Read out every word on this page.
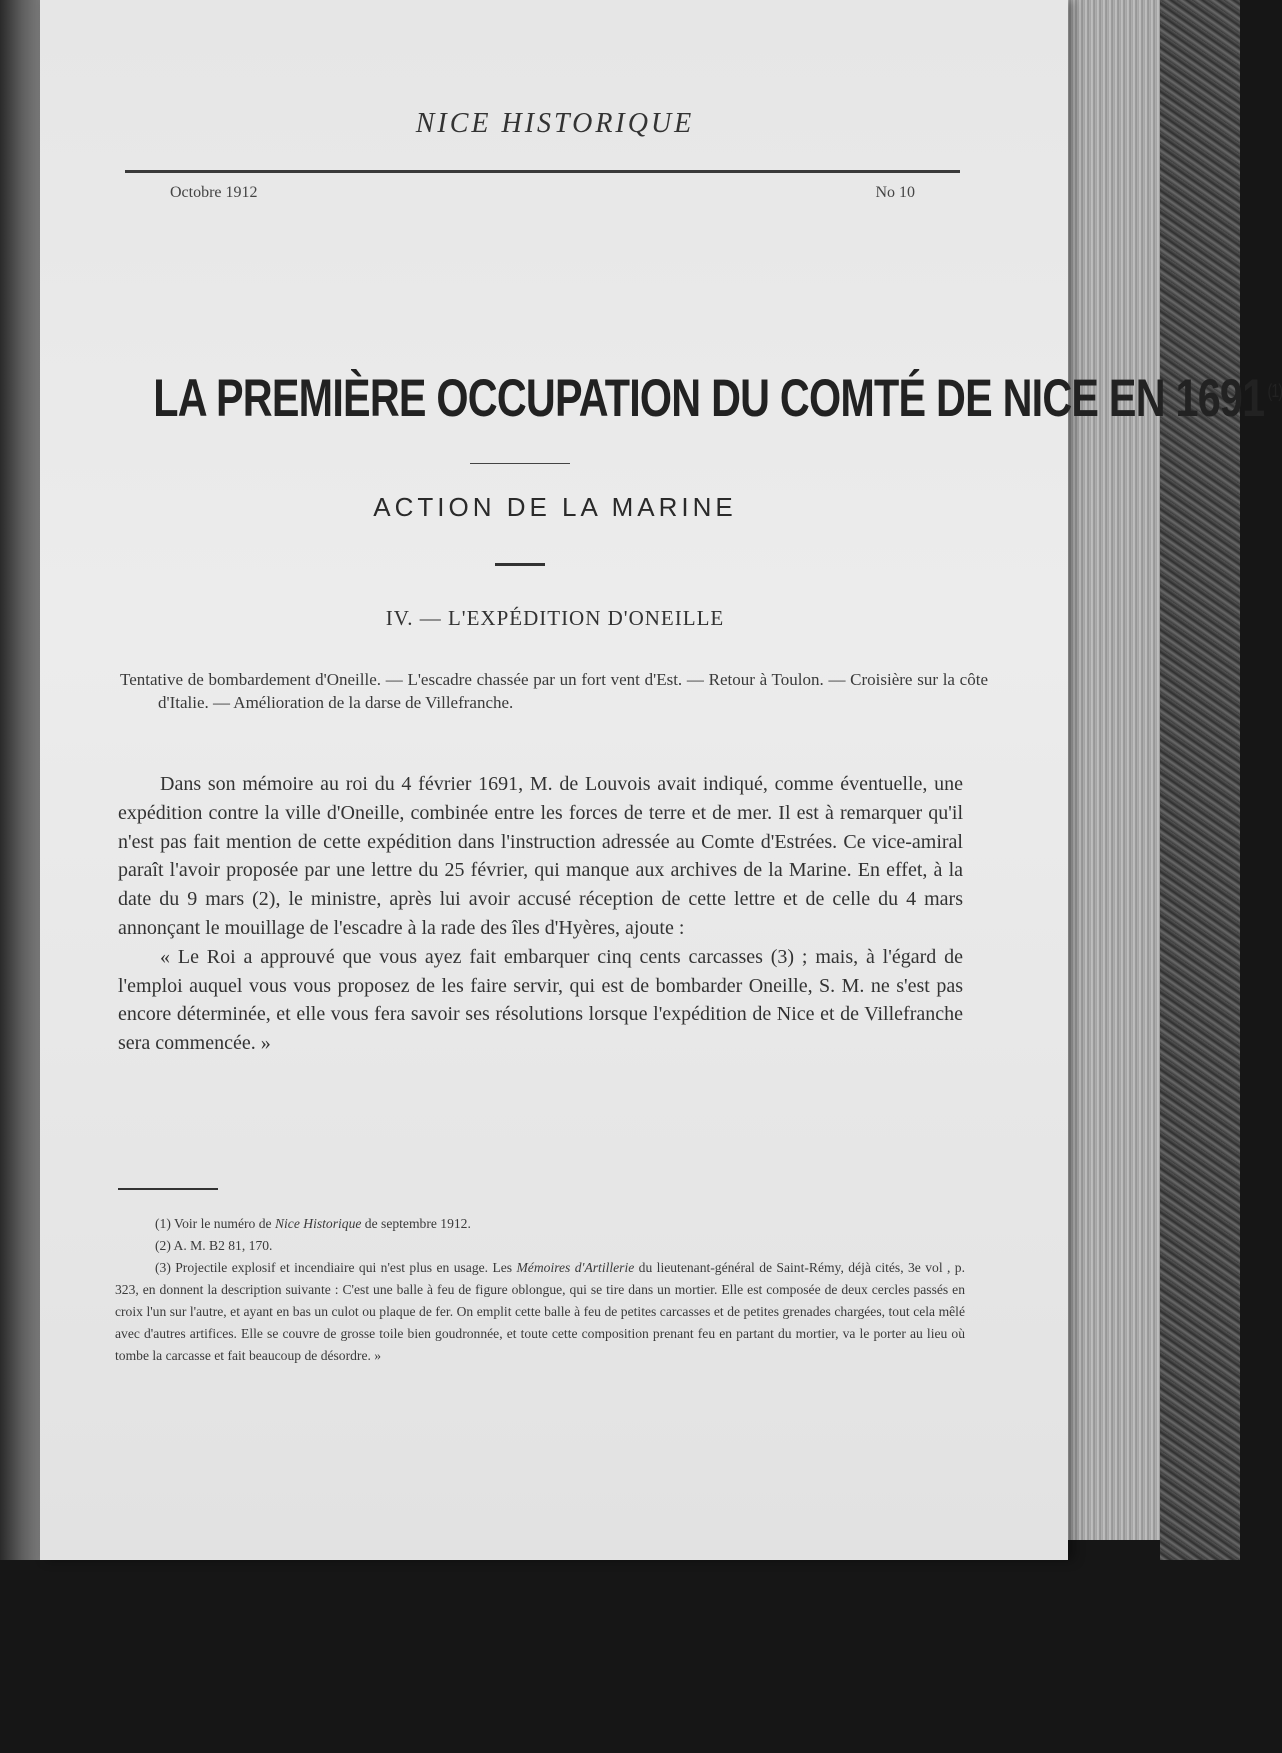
NICE HISTORIQUE
Octobre 1912	No 10
LA PREMIÈRE OCCUPATION DU COMTÉ DE NICE EN 1691 $^{(1)}$
ACTION DE LA MARINE
IV. — L'EXPÉDITION D'ONEILLE
Tentative de bombardement d'Oneille. — L'escadre chassée par un fort vent d'Est. — Retour à Toulon. — Croisière sur la côte d'Italie. — Amélioration de la darse de Villefranche.

Dans son mémoire au roi du 4 février 1691, M. de Louvois avait indiqué, comme éventuelle, une expédition contre la ville d'Oneille, combinée entre les forces de terre et de mer. Il est à remarquer qu'il n'est pas fait mention de cette expédition dans l'instruction adressée au Comte d'Estrées. Ce vice-amiral paraît l'avoir proposée par une lettre du 25 février, qui manque aux archives de la Marine. En effet, à la date du 9 mars (2), le ministre, après lui avoir accusé réception de cette lettre et de celle du 4 mars annonçant le mouillage de l'escadre à la rade des îles d'Hyères, ajoute :

« Le Roi a approuvé que vous ayez fait embarquer cinq cents carcasses (3) ; mais, à l'égard de l'emploi auquel vous vous proposez de les faire servir, qui est de bombarder Oneille, S. M. ne s'est pas encore déterminée, et elle vous fera savoir ses résolutions lorsque l'expédition de Nice et de Villefranche sera commencée. »

(1) Voir le numéro de Nice Historique de septembre 1912.

(2) A. M. B2 81, 170.

(3) Projectile explosif et incendiaire qui n'est plus en usage. Les Mémoires d'Artillerie du lieutenant-général de Saint-Rémy, déjà cités, 3e vol , p. 323, en donnent la description suivante : C'est une balle à feu de figure oblongue, qui se tire dans un mortier. Elle est composée de deux cercles passés en croix l'un sur l'autre, et ayant en bas un culot ou plaque de fer. On emplit cette balle à feu de petites carcasses et de petites grenades chargées, tout cela mêlé avec d'autres artifices. Elle se couvre de grosse toile bien goudronnée, et toute cette composition prenant feu en partant du mortier, va le porter au lieu où tombe la carcasse et fait beaucoup de désordre. »
